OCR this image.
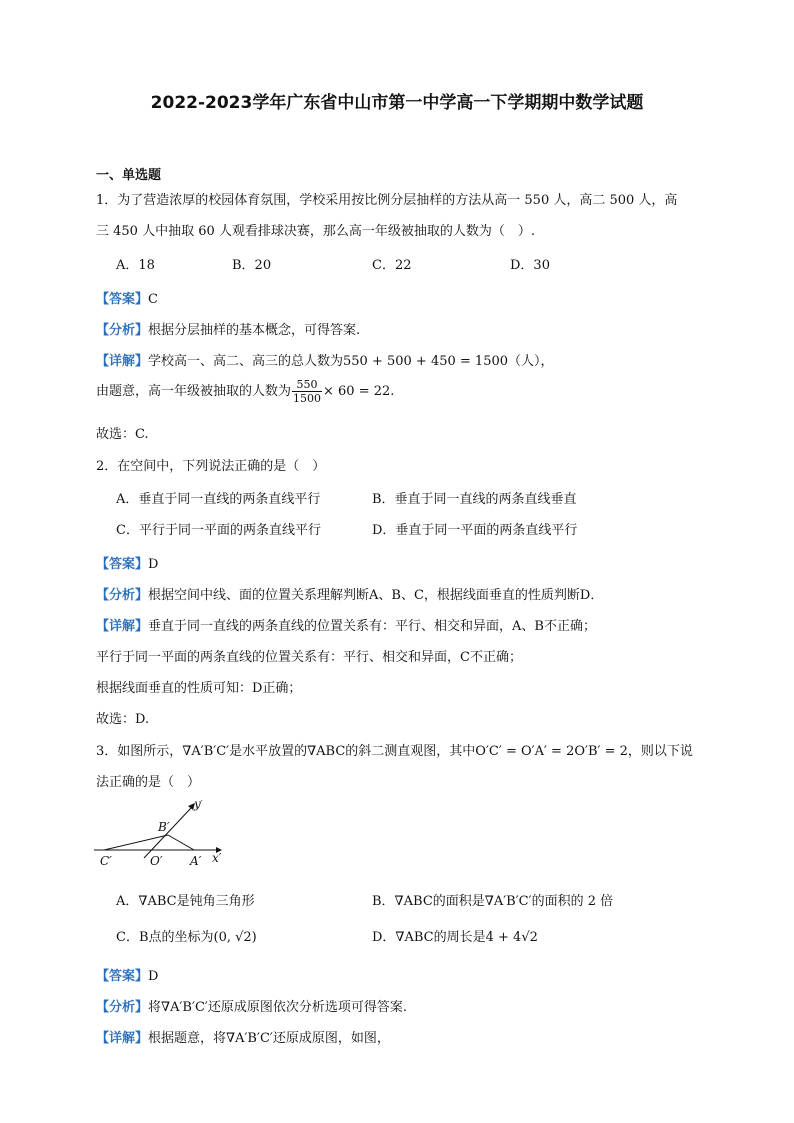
2022-2023学年广东省中山市第一中学高一下学期期中数学试题
一、单选题
1．为了营造浓厚的校园体育氛围，学校采用按比例分层抽样的方法从高一 550 人，高二 500 人，高
三 450 人中抽取 60 人观看排球决赛，那么高一年级被抽取的人数为（　）.
A．18	B．20	C．22	D．30
【答案】C
【分析】根据分层抽样的基本概念，可得答案.
【详解】学校高一、高二、高三的总人数为550 + 500 + 450 = 1500（人），
由题意，高一年级被抽取的人数为 $\frac{550}{1500} \times 60 = 22$.
故选：C.
2．在空间中，下列说法正确的是（　）
A．垂直于同一直线的两条直线平行	B．垂直于同一直线的两条直线垂直
C．平行于同一平面的两条直线平行	D．垂直于同一平面的两条直线平行
【答案】D
【分析】根据空间中线、面的位置关系理解判断A、B、C，根据线面垂直的性质判断D．
【详解】垂直于同一直线的两条直线的位置关系有：平行、相交和异面，A、B不正确；
平行于同一平面的两条直线的位置关系有：平行、相交和异面，C不正确；
根据线面垂直的性质可知：D正确；
故选：D.
3．如图所示，∇A′B′C′是水平放置的∇ABC的斜二测直观图，其中O′C′ = O′A′ = 2O′B′ = 2，则以下说
法正确的是（　）
y′
B′
C′	O′ A′ x′
A．∇ABC是钝角三角形	B．∇ABC的面积是∇A′B′C′的面积的 2 倍
C．B点的坐标为(0, √2)	D．∇ABC的周长是4 + 4√2
【答案】D
【分析】将∇A′B′C′还原成原图依次分析选项可得答案.
【详解】根据题意，将∇A′B′C′还原成原图，如图，
